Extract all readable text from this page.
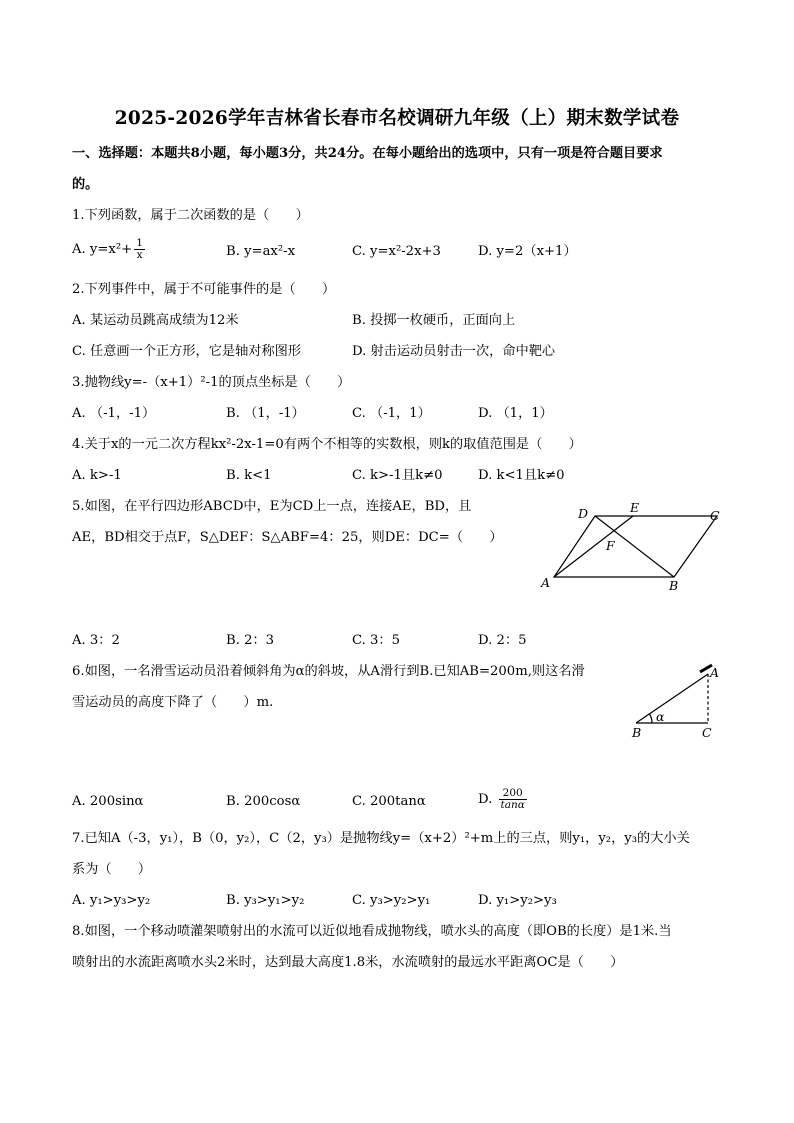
2025-2026学年吉林省长春市名校调研九年级（上）期末数学试卷
一、选择题：本题共8小题，每小题3分，共24分。在每小题给出的选项中，只有一项是符合题目要求
的。
1.下列函数，属于二次函数的是（　　）
A. $y=x^2+ \frac{1}{x}$	B. y=ax²-x	C. y=x²-2x+3	D. y=2（x+1）
2.下列事件中，属于不可能事件的是（　　）
A. 某运动员跳高成绩为12米	B. 投掷一枚硬币，正面向上
C. 任意画一个正方形，它是轴对称图形	D. 射击运动员射击一次，命中靶心
3.抛物线y=-（x+1）²-1的顶点坐标是（　　）
A. （-1，-1）	B. （1，-1）	C. （-1，1）	D. （1，1）
4.关于x的一元二次方程kx²-2x-1=0有两个不相等的实数根，则k的取值范围是（　　）
A. k>-1	B. k<1	C. k>-1且k≠0	D. k<1且k≠0
5.如图，在平行四边形ABCD中，E为CD上一点，连接AE，BD，且
AE，BD相交于点F，S△DEF：S△ABF=4：25，则DE：DC=（　　）
D	E
C
F
A	B
A. 3：2	B. 2：3	C. 3：5	D. 2：5
6.如图，一名滑雪运动员沿着倾斜角为α的斜坡，从A滑行到B.已知AB=200m,则这名滑
雪运动员的高度下降了（　　）m.
A
B	C
α
A. 200sinα	B. 200cosα	C. 200tanα	D. $\frac{200}{\tan\alpha}$
7.已知A（-3，y₁），B（0，y₂），C（2，y₃）是抛物线y=（x+2）²+m上的三点，则y₁，y₂，y₃的大小关
系为（　　）
A. y₁>y₃>y₂	B. y₃>y₁>y₂	C. y₃>y₂>y₁	D. y₁>y₂>y₃
8.如图，一个移动喷灌架喷射出的水流可以近似地看成抛物线，喷水头的高度（即OB的长度）是1米.当
喷射出的水流距离喷水头2米时，达到最大高度1.8米，水流喷射的最远水平距离OC是（　　）
